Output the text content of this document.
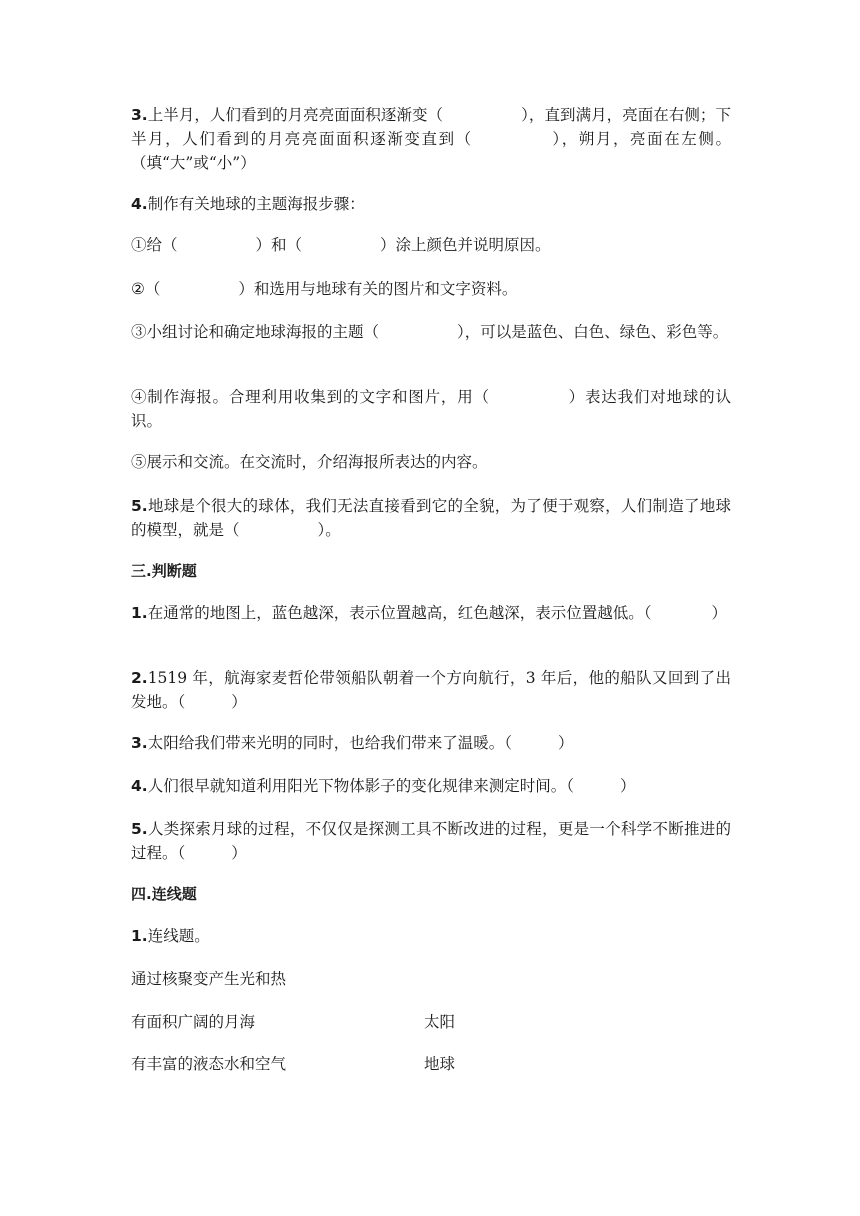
3.上半月，人们看到的月亮亮面面积逐渐变（	），直到满月，亮面在右侧；下半月，人们看到的月亮亮面面积逐渐变直到（	），朔月，亮面在左侧。（填“大”或“小”）
4.制作有关地球的主题海报步骤：
①给（	）和（	）涂上颜色并说明原因。
②（	）和选用与地球有关的图片和文字资料。
③小组讨论和确定地球海报的主题（	），可以是蓝色、白色、绿色、彩色等。
④制作海报。合理利用收集到的文字和图片，用（	）表达我们对地球的认识。
⑤展示和交流。在交流时，介绍海报所表达的内容。
5.地球是个很大的球体，我们无法直接看到它的全貌，为了便于观察，人们制造了地球的模型，就是（	）。
三.判断题
1.在通常的地图上，蓝色越深，表示位置越高，红色越深，表示位置越低。（	）
2.1519 年，航海家麦哲伦带领船队朝着一个方向航行，3 年后，他的船队又回到了出发地。（	）
3.太阳给我们带来光明的同时，也给我们带来了温暖。（	）
4.人们很早就知道利用阳光下物体影子的变化规律来测定时间。（	）
5.人类探索月球的过程，不仅仅是探测工具不断改进的过程，更是一个科学不断推进的过程。（	）
四.连线题
1.连线题。
通过核聚变产生光和热
有面积广阔的月海	太阳
有丰富的液态水和空气	地球
